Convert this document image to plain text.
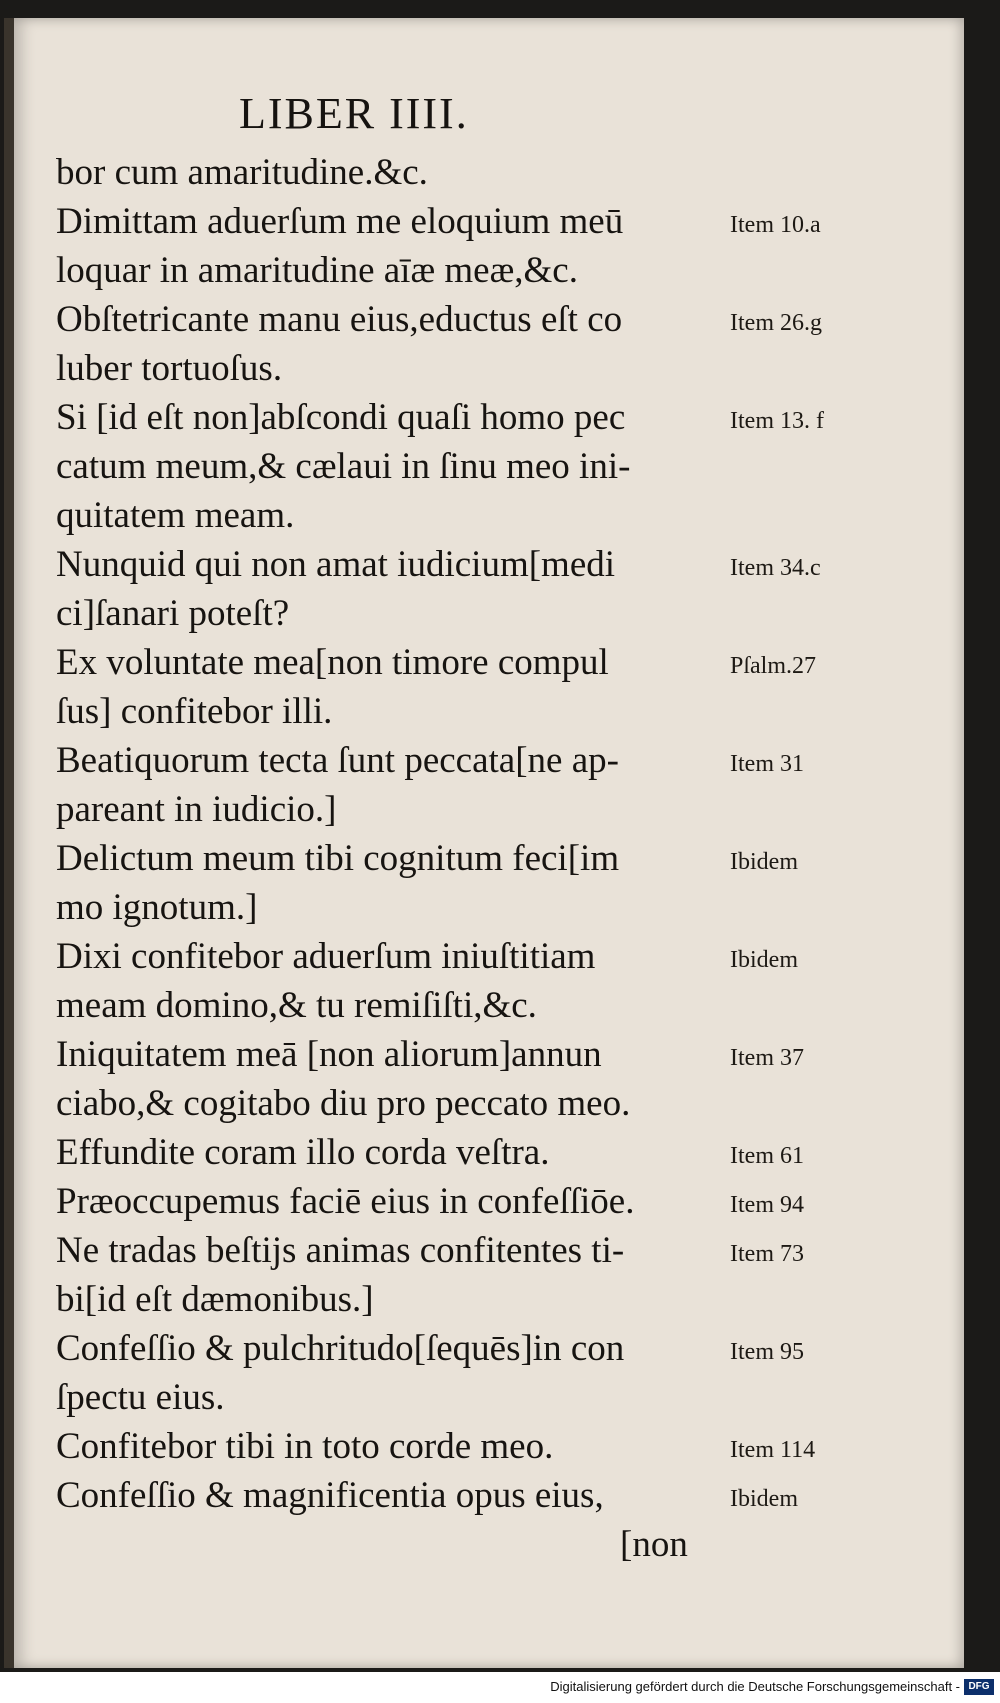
LIBER IIII.
bor cum amaritudine.&c.
Dimittam aduerſum me eloquium meū	Item 10.a
loquar in amaritudine aīæ meæ,&c.
Obſtetricante manu eius,eductus eſt co	Item 26.g
luber tortuoſus.
Si [id eſt non]abſcondi quaſi homo pec	Item 13. f
catum meum,& cælaui in ſinu meo ini-
quitatem meam.
Nunquid qui non amat iudicium[medi	Item 34.c
ci]ſanari poteſt?
Ex voluntate mea[non timore compul	Pſalm.27
ſus] confitebor illi.
Beatiquorum tecta ſunt peccata[ne ap-	Item 31
pareant in iudicio.]
Delictum meum tibi cognitum feci[im	Ibidem
mo ignotum.]
Dixi confitebor aduerſum iniuſtitiam	Ibidem
meam domino,& tu remiſiſti,&c.
Iniquitatem meā [non aliorum]annun	Item 37
ciabo,& cogitabo diu pro peccato meo.
Effundite coram illo corda veſtra.	Item 61
Præoccupemus faciē eius in confeſſiōe.	Item 94
Ne tradas beſtijs animas confitentes ti-	Item 73
bi[id eſt dæmonibus.]
Confeſſio & pulchritudo[ſequēs]in con	Item 95
ſpectu eius.
Confitebor tibi in toto corde meo.	Item 114
Confeſſio & magnificentia opus eius,	Ibidem
[non
Digitalisierung gefördert durch die Deutsche Forschungsgemeinschaft - DFG
